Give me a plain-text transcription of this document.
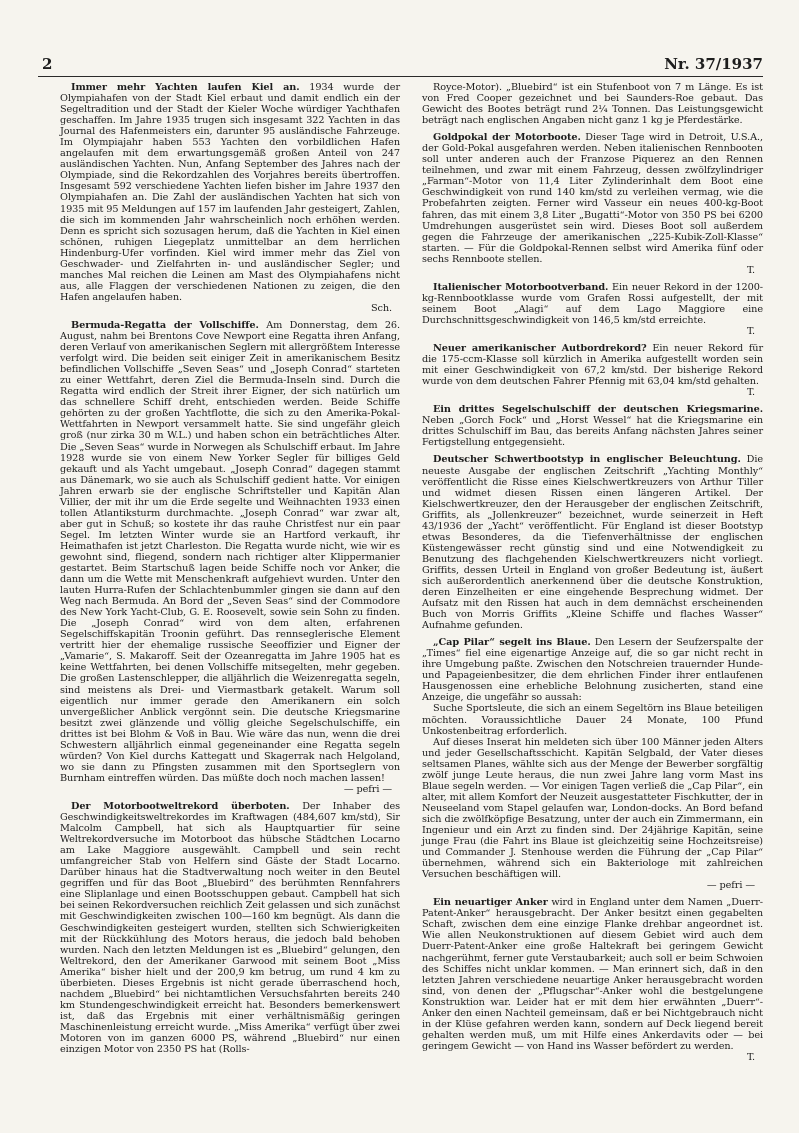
2	Nr. 37/1937

Immer mehr Yachten laufen Kiel an. 1934 wurde der Olympiahafen von der Stadt Kiel erbaut und damit endlich ein der Segeltradition und der Stadt der Kieler Woche würdiger Yachthafen geschaffen. Im Jahre 1935 trugen sich insgesamt 322 Yachten in das Journal des Hafenmeisters ein, darunter 95 ausländische Fahrzeuge. Im Olympiajahr haben 553 Yachten den vorbildlichen Hafen angelaufen mit dem erwartungsgemäß großen Anteil von 247 ausländischen Yachten. Nun, Anfang September des Jahres nach der Olympiade, sind die Rekordzahlen des Vorjahres bereits übertroffen. Insgesamt 592 verschiedene Yachten liefen bisher im Jahre 1937 den Olympiahafen an. Die Zahl der ausländischen Yachten hat sich von 1935 mit 95 Meldungen auf 157 im laufenden Jahr gesteigert, Zahlen, die sich im kommenden Jahr wahrscheinlich noch erhöhen werden. Denn es spricht sich sozusagen herum, daß die Yachten in Kiel einen schönen, ruhigen Liegeplatz unmittelbar an dem herrlichen Hindenburg-Ufer vorfinden. Kiel wird immer mehr das Ziel von Geschwader- und Zielfahrten in- und ausländischer Segler; und manches Mal reichen die Leinen am Mast des Olympiahafens nicht aus, alle Flaggen der verschiedenen Nationen zu zeigen, die den Hafen angelaufen haben.

Sch.

Bermuda-Regatta der Vollschiffe. Am Donnerstag, dem 26. August, nahm bei Brentons Cove Newport eine Regatta ihren Anfang, deren Verlauf von amerikanischen Seglern mit allergrößtem Interesse verfolgt wird. Die beiden seit einiger Zeit in amerikanischem Besitz befindlichen Vollschiffe „Seven Seas“ und „Joseph Conrad“ starteten zu einer Wettfahrt, deren Ziel die Bermuda-Inseln sind. Durch die Regatta wird endlich der Streit ihrer Eigner, der sich natürlich um das schnellere Schiff dreht, entschieden werden. Beide Schiffe gehörten zu der großen Yachtflotte, die sich zu den Amerika-Pokal-Wettfahrten in Newport versammelt hatte. Sie sind ungefähr gleich groß (nur zirka 30 m W.L.) und haben schon ein beträchtliches Alter. Die „Seven Seas“ wurde in Norwegen als Schulschiff erbaut. Im Jahre 1928 wurde sie von einem New Yorker Segler für billiges Geld gekauft und als Yacht umgebaut. „Joseph Conrad“ dagegen stammt aus Dänemark, wo sie auch als Schulschiff gedient hatte. Vor einigen Jahren erwarb sie der englische Schriftsteller und Kapitän Alan Villier, der mit ihr um die Erde segelte und Weihnachten 1933 einen tollen Atlantiksturm durchmachte. „Joseph Conrad“ war zwar alt, aber gut in Schuß; so kostete ihr das rauhe Christfest nur ein paar Segel. Im letzten Winter wurde sie an Hartford verkauft, ihr Heimathafen ist jetzt Charleston. Die Regatta wurde nicht, wie wir es gewohnt sind, fliegend, sondern nach richtiger alter Klippermanier gestartet. Beim Startschuß lagen beide Schiffe noch vor Anker, die dann um die Wette mit Menschenkraft aufgehievt wurden. Unter den lauten Hurra-Rufen der Schlachtenbummler gingen sie dann auf den Weg nach Bermuda. An Bord der „Seven Seas“ sind der Commodore des New York Yacht-Club, G. E. Roosevelt, sowie sein Sohn zu finden. Die „Joseph Conrad“ wird von dem alten, erfahrenen Segelschiffskapitän Troonin geführt. Das rennseglerische Element vertritt hier der ehemalige russische Seeoffizier und Eigner der „Vamarie“, S. Makaroff. Seit der Ozeanregatta im Jahre 1905 hat es keine Wettfahrten, bei denen Vollschiffe mitsegelten, mehr gegeben. Die großen Lastenschlepper, die alljährlich die Weizenregatta segeln, sind meistens als Drei- und Viermastbark getakelt. Warum soll eigentlich nur immer gerade den Amerikanern ein solch unvergeßlicher Anblick vergönnt sein. Die deutsche Kriegsmarine besitzt zwei glänzende und völlig gleiche Segelschulschiffe, ein drittes ist bei Blohm & Voß in Bau. Wie wäre das nun, wenn die drei Schwestern alljährlich einmal gegeneinander eine Regatta segeln würden? Von Kiel durchs Kattegatt und Skagerrak nach Helgoland, wo sie dann zu Pfingsten zusammen mit den Sportseglern von Burnham eintreffen würden. Das müßte doch noch machen lassen!

— pefri —

Der Motorbootweltrekord überboten. Der Inhaber des Geschwindigkeitsweltrekordes im Kraftwagen (484,607 km/std), Sir Malcolm Campbell, hat sich als Hauptquartier für seine Weltrekordversuche im Motorboot das hübsche Städtchen Locarno am Lake Maggiore ausgewählt. Campbell und sein recht umfangreicher Stab von Helfern sind Gäste der Stadt Locarno. Darüber hinaus hat die Stadtverwaltung noch weiter in den Beutel gegriffen und für das Boot „Bluebird“ des berühmten Rennfahrers eine Sliplanlage und einen Bootsschuppen gebaut. Campbell hat sich bei seinen Rekordversuchen reichlich Zeit gelassen und sich zunächst mit Geschwindigkeiten zwischen 100—160 km begnügt. Als dann die Geschwindigkeiten gesteigert wurden, stellten sich Schwierigkeiten mit der Rückkühlung des Motors heraus, die jedoch bald behoben wurden. Nach den letzten Meldungen ist es „Bluebird“ gelungen, den Weltrekord, den der Amerikaner Garwood mit seinem Boot „Miss Amerika“ bisher hielt und der 200,9 km betrug, um rund 4 km zu überbieten. Dieses Ergebnis ist nicht gerade überraschend hoch, nachdem „Bluebird“ bei nichtamtlichen Versuchsfahrten bereits 240 km Stundengeschwindigkeit erreicht hat. Besonders bemerkenswert ist, daß das Ergebnis mit einer verhältnismäßig geringen Maschinenleistung erreicht wurde. „Miss Amerika“ verfügt über zwei Motoren von im ganzen 6000 PS, während „Bluebird“ nur einen einzigen Motor von 2350 PS hat (Rolls-

Royce-Motor). „Bluebird“ ist ein Stufenboot von 7 m Länge. Es ist von Fred Cooper gezeichnet und bei Saunders-Roe gebaut. Das Gewicht des Bootes beträgt rund 2¼ Tonnen. Das Leistungsgewicht beträgt nach englischen Angaben nicht ganz 1 kg je Pferdestärke.

Goldpokal der Motorboote. Dieser Tage wird in Detroit, U.S.A., der Gold-Pokal ausgefahren werden. Neben italienischen Rennbooten soll unter anderen auch der Franzose Piquerez an den Rennen teilnehmen, und zwar mit einem Fahrzeug, dessen zwölfzylindriger „Farman“-Motor von 11,4 Liter Zylinderinhalt dem Boot eine Geschwindigkeit von rund 140 km/std zu verleihen vermag, wie die Probefahrten zeigten. Ferner wird Vasseur ein neues 400-kg-Boot fahren, das mit einem 3,8 Liter „Bugatti“-Motor von 350 PS bei 6200 Umdrehungen ausgerüstet sein wird. Dieses Boot soll außerdem gegen die Fahrzeuge der amerikanischen „225-Kubik-Zoll-Klasse“ starten. — Für die Goldpokal-Rennen selbst wird Amerika fünf oder sechs Rennboote stellen.

T.

Italienischer Motorbootverband. Ein neuer Rekord in der 1200-kg-Rennbootklasse wurde vom Grafen Rossi aufgestellt, der mit seinem Boot „Alagi“ auf dem Lago Maggiore eine Durchschnittsgeschwindigkeit von 146,5 km/std erreichte.

T.

Neuer amerikanischer Autbordrekord? Ein neuer Rekord für die 175-ccm-Klasse soll kürzlich in Amerika aufgestellt worden sein mit einer Geschwindigkeit von 67,2 km/std. Der bisherige Rekord wurde von dem deutschen Fahrer Pfennig mit 63,04 km/std gehalten.

T.

Ein drittes Segelschulschiff der deutschen Kriegsmarine. Neben „Gorch Fock“ und „Horst Wessel“ hat die Kriegsmarine ein drittes Schulschiff im Bau, das bereits Anfang nächsten Jahres seiner Fertigstellung entgegensieht.

Deutscher Schwertbootstyp in englischer Beleuchtung. Die neueste Ausgabe der englischen Zeitschrift „Yachting Monthly“ veröffentlicht die Risse eines Kielschwertkreuzers von Arthur Tiller und widmet diesen Rissen einen längeren Artikel. Der Kielschwertkreuzer, den der Herausgeber der englischen Zeitschrift, Griffits, als „Jollenkreuzer“ bezeichnet, wurde seinerzeit in Heft 43/1936 der „Yacht“ veröffentlicht. Für England ist dieser Bootstyp etwas Besonderes, da die Tiefenverhältnisse der englischen Küstengewässer recht günstig sind und eine Notwendigkeit zu Benutzung des flachgehenden Kielschwertkreuzers nicht vorliegt. Griffits, dessen Urteil in England von großer Bedeutung ist, äußert sich außerordentlich anerkennend über die deutsche Konstruktion, deren Einzelheiten er eine eingehende Besprechung widmet. Der Aufsatz mit den Rissen hat auch in dem demnächst erscheinenden Buch von Morris Griffits „Kleine Schiffe und flaches Wasser“ Aufnahme gefunden.

„Cap Pilar“ segelt ins Blaue. Den Lesern der Seufzerspalte der „Times“ fiel eine eigenartige Anzeige auf, die so gar nicht recht in ihre Umgebung paßte. Zwischen den Notschreien trauernder Hunde- und Papageienbesitzer, die dem ehrlichen Finder ihrer entlaufenen Hausgenossen eine erhebliche Belohnung zusicherten, stand eine Anzeige, die ungefähr so aussah:

Suche Sportsleute, die sich an einem Segeltörn ins Blaue beteiligen möchten. Voraussichtliche Dauer 24 Monate, 100 Pfund Unkostenbeitrag erforderlich.

Auf dieses Inserat hin meldeten sich über 100 Männer jeden Alters und jeder Gesellschaftsschicht. Kapitän Selgbald, der Vater dieses seltsamen Planes, wählte sich aus der Menge der Bewerber sorgfältig zwölf junge Leute heraus, die nun zwei Jahre lang vorm Mast ins Blaue segeln werden. — Vor einigen Tagen verließ die „Cap Pilar“, ein alter, mit allem Komfort der Neuzeit ausgestatteter Fischkutter, der in Neuseeland vom Stapel gelaufen war, London-docks. An Bord befand sich die zwölfköpfige Besatzung, unter der auch ein Zimmermann, ein Ingenieur und ein Arzt zu finden sind. Der 24jährige Kapitän, seine junge Frau (die Fahrt ins Blaue ist gleichzeitig seine Hochzeitsreise) und Commander J. Stenhouse werden die Führung der „Cap Pilar“ übernehmen, während sich ein Bakteriologe mit zahlreichen Versuchen beschäftigen will.

— pefri —

Ein neuartiger Anker wird in England unter dem Namen „Duerr-Patent-Anker“ herausgebracht. Der Anker besitzt einen gegabelten Schaft, zwischen dem eine einzige Flanke drehbar angeordnet ist. Wie allen Neukonstruktionen auf diesem Gebiet wird auch dem Duerr-Patent-Anker eine große Haltekraft bei geringem Gewicht nachgerühmt, ferner gute Verstaubarkeit; auch soll er beim Schwoien des Schiffes nicht unklar kommen. — Man erinnert sich, daß in den letzten Jahren verschiedene neuartige Anker herausgebracht worden sind, von denen der „Pflugschar“-Anker wohl die bestgelungene Konstruktion war. Leider hat er mit dem hier erwähnten „Duerr“-Anker den einen Nachteil gemeinsam, daß er bei Nichtgebrauch nicht in der Klüse gefahren werden kann, sondern auf Deck liegend bereit gehalten werden muß, um mit Hilfe eines Ankerdavits oder — bei geringem Gewicht — von Hand ins Wasser befördert zu werden.

T.
